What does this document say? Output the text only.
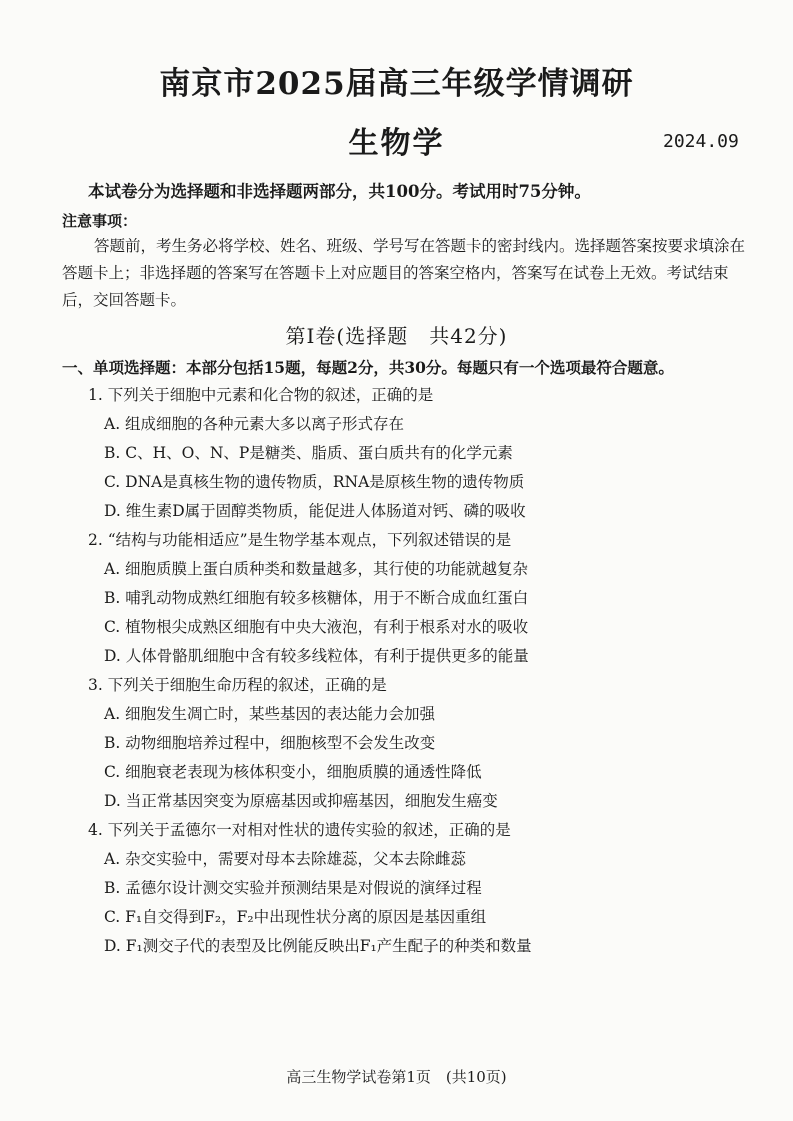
南京市2025届高三年级学情调研
生物学	2024.09
本试卷分为选择题和非选择题两部分，共100分。考试用时75分钟。
注意事项：
答题前，考生务必将学校、姓名、班级、学号写在答题卡的密封线内。选择题答案按要求填涂在答题卡上；非选择题的答案写在答题卡上对应题目的答案空格内，答案写在试卷上无效。考试结束后，交回答题卡。
第Ⅰ卷(选择题　共42分)
一、单项选择题：本部分包括15题，每题2分，共30分。每题只有一个选项最符合题意。
1. 下列关于细胞中元素和化合物的叙述，正确的是
A. 组成细胞的各种元素大多以离子形式存在
B. C、H、O、N、P是糖类、脂质、蛋白质共有的化学元素
C. DNA是真核生物的遗传物质，RNA是原核生物的遗传物质
D. 维生素D属于固醇类物质，能促进人体肠道对钙、磷的吸收
2. “结构与功能相适应”是生物学基本观点，下列叙述错误的是
A. 细胞质膜上蛋白质种类和数量越多，其行使的功能就越复杂
B. 哺乳动物成熟红细胞有较多核糖体，用于不断合成血红蛋白
C. 植物根尖成熟区细胞有中央大液泡，有利于根系对水的吸收
D. 人体骨骼肌细胞中含有较多线粒体，有利于提供更多的能量
3. 下列关于细胞生命历程的叙述，正确的是
A. 细胞发生凋亡时，某些基因的表达能力会加强
B. 动物细胞培养过程中，细胞核型不会发生改变
C. 细胞衰老表现为核体积变小，细胞质膜的通透性降低
D. 当正常基因突变为原癌基因或抑癌基因，细胞发生癌变
4. 下列关于孟德尔一对相对性状的遗传实验的叙述，正确的是
A. 杂交实验中，需要对母本去除雄蕊，父本去除雌蕊
B. 孟德尔设计测交实验并预测结果是对假说的演绎过程
C. F₁自交得到F₂，F₂中出现性状分离的原因是基因重组
D. F₁测交子代的表型及比例能反映出F₁产生配子的种类和数量
高三生物学试卷第1页　(共10页)
